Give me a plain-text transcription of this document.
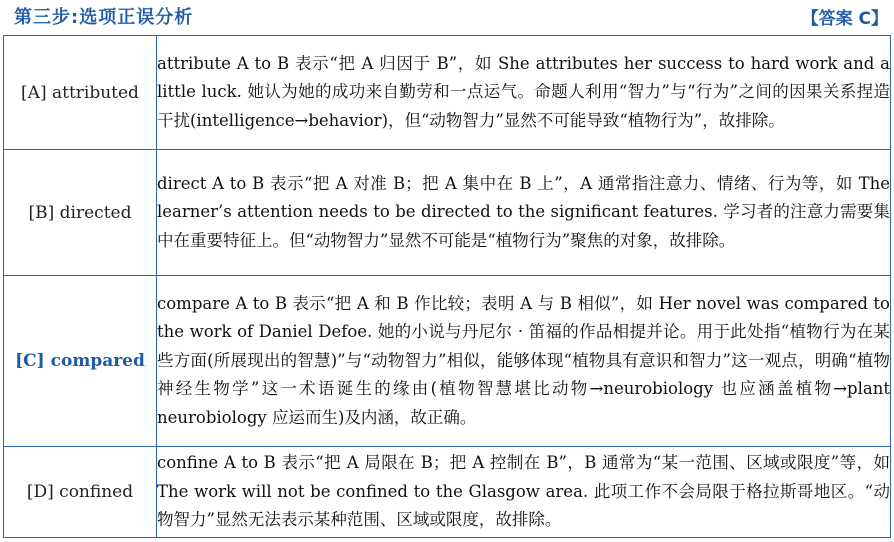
第三步:选项正误分析	【答案 C】
[A] attributed	attribute A to B 表示“把 A 归因于 B”，如 She attributes her success to hard work and a little luck. 她认为她的成功来自勤劳和一点运气。命题人利用“智力”与“行为”之间的因果关系捏造干扰(intelligence→behavior)，但“动物智力”显然不可能导致“植物行为”，故排除。
[B] directed	direct A to B 表示“把 A 对准 B；把 A 集中在 B 上”，A 通常指注意力、情绪、行为等，如 The learner’s attention needs to be directed to the significant features. 学习者的注意力需要集中在重要特征上。但“动物智力”显然不可能是“植物行为”聚焦的对象，故排除。
[C] compared	compare A to B 表示“把 A 和 B 作比较；表明 A 与 B 相似”，如 Her novel was compared to the work of Daniel Defoe. 她的小说与丹尼尔 · 笛福的作品相提并论。用于此处指“植物行为在某些方面(所展现出的智慧)”与“动物智力”相似，能够体现“植物具有意识和智力”这一观点，明确“植物神经生物学”这一术语诞生的缘由(植物智慧堪比动物→neurobiology 也应涵盖植物→plant neurobiology 应运而生)及内涵，故正确。
[D] confined	confine A to B 表示“把 A 局限在 B；把 A 控制在 B”，B 通常为“某一范围、区域或限度”等，如 The work will not be confined to the Glasgow area. 此项工作不会局限于格拉斯哥地区。“动物智力”显然无法表示某种范围、区域或限度，故排除。
